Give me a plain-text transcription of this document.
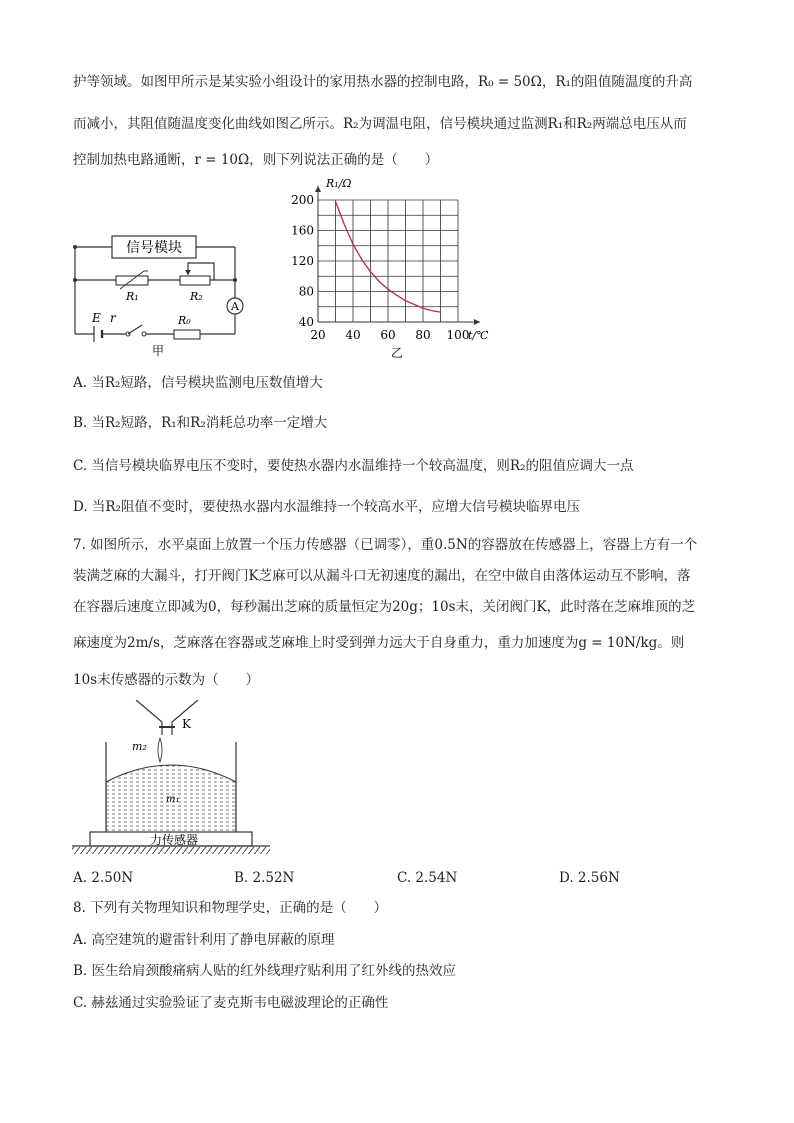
护等领域。如图甲所示是某实验小组设计的家用热水器的控制电路，R₀ = 50Ω，R₁的阻值随温度的升高
而减小，其阻值随温度变化曲线如图乙所示。R₂为调温电阻，信号模块通过监测R₁和R₂两端总电压从而
控制加热电路通断，r = 10Ω，则下列说法正确的是（　　）
信号模块
R₁	R₂
A
E r	R₀
甲
R₁/Ω
40
80
120
160
200
20 40 60 80 100
t/℃
乙
A. 当R₂短路，信号模块监测电压数值增大
B. 当R₂短路，R₁和R₂消耗总功率一定增大
C. 当信号模块临界电压不变时，要使热水器内水温维持一个较高温度，则R₂的阻值应调大一点
D. 当R₂阻值不变时，要使热水器内水温维持一个较高水平，应增大信号模块临界电压
7. 如图所示，水平桌面上放置一个压力传感器（已调零），重0.5N的容器放在传感器上，容器上方有一个
装满芝麻的大漏斗，打开阀门K芝麻可以从漏斗口无初速度的漏出，在空中做自由落体运动互不影响，落
在容器后速度立即减为0，每秒漏出芝麻的质量恒定为20g；10s末，关闭阀门K，此时落在芝麻堆顶的芝
麻速度为2m/s，芝麻落在容器或芝麻堆上时受到弹力远大于自身重力，重力加速度为g = 10N/kg。则
10s末传感器的示数为（　　）
K
m₂
m₁
力传感器
A. 2.50N	B. 2.52N	C. 2.54N	D. 2.56N
8. 下列有关物理知识和物理学史，正确的是（　　）
A. 高空建筑的避雷针利用了静电屏蔽的原理
B. 医生给肩颈酸痛病人贴的红外线理疗贴利用了红外线的热效应
C. 赫兹通过实验验证了麦克斯韦电磁波理论的正确性
